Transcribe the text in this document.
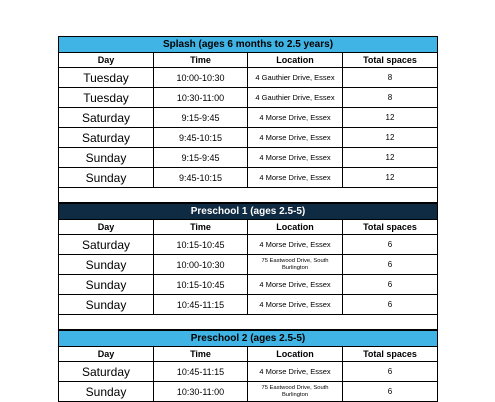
Splash (ages 6 months to 2.5 years)			
Day	Time	Location	Total spaces
Tuesday	10:00-10:30	4 Gauthier Drive, Essex	8
Tuesday	10:30-11:00	4 Gauthier Drive, Essex	8
Saturday	9:15-9:45	4 Morse Drive, Essex	12
Saturday	9:45-10:15	4 Morse Drive, Essex	12
Sunday	9:15-9:45	4 Morse Drive, Essex	12
Sunday	9:45-10:15	4 Morse Drive, Essex	12

Preschool 1 (ages 2.5-5)			
Day	Time	Location	Total spaces
Saturday	10:15-10:45	4 Morse Drive, Essex	6
Sunday	10:00-10:30	75 Eastwood Drive, South Burlington	6
Sunday	10:15-10:45	4 Morse Drive, Essex	6
Sunday	10:45-11:15	4 Morse Drive, Essex	6

Preschool 2 (ages 2.5-5)			
Day	Time	Location	Total spaces
Saturday	10:45-11:15	4 Morse Drive, Essex	6
Sunday	10:30-11:00	75 Eastwood Drive, South Burlington	6
